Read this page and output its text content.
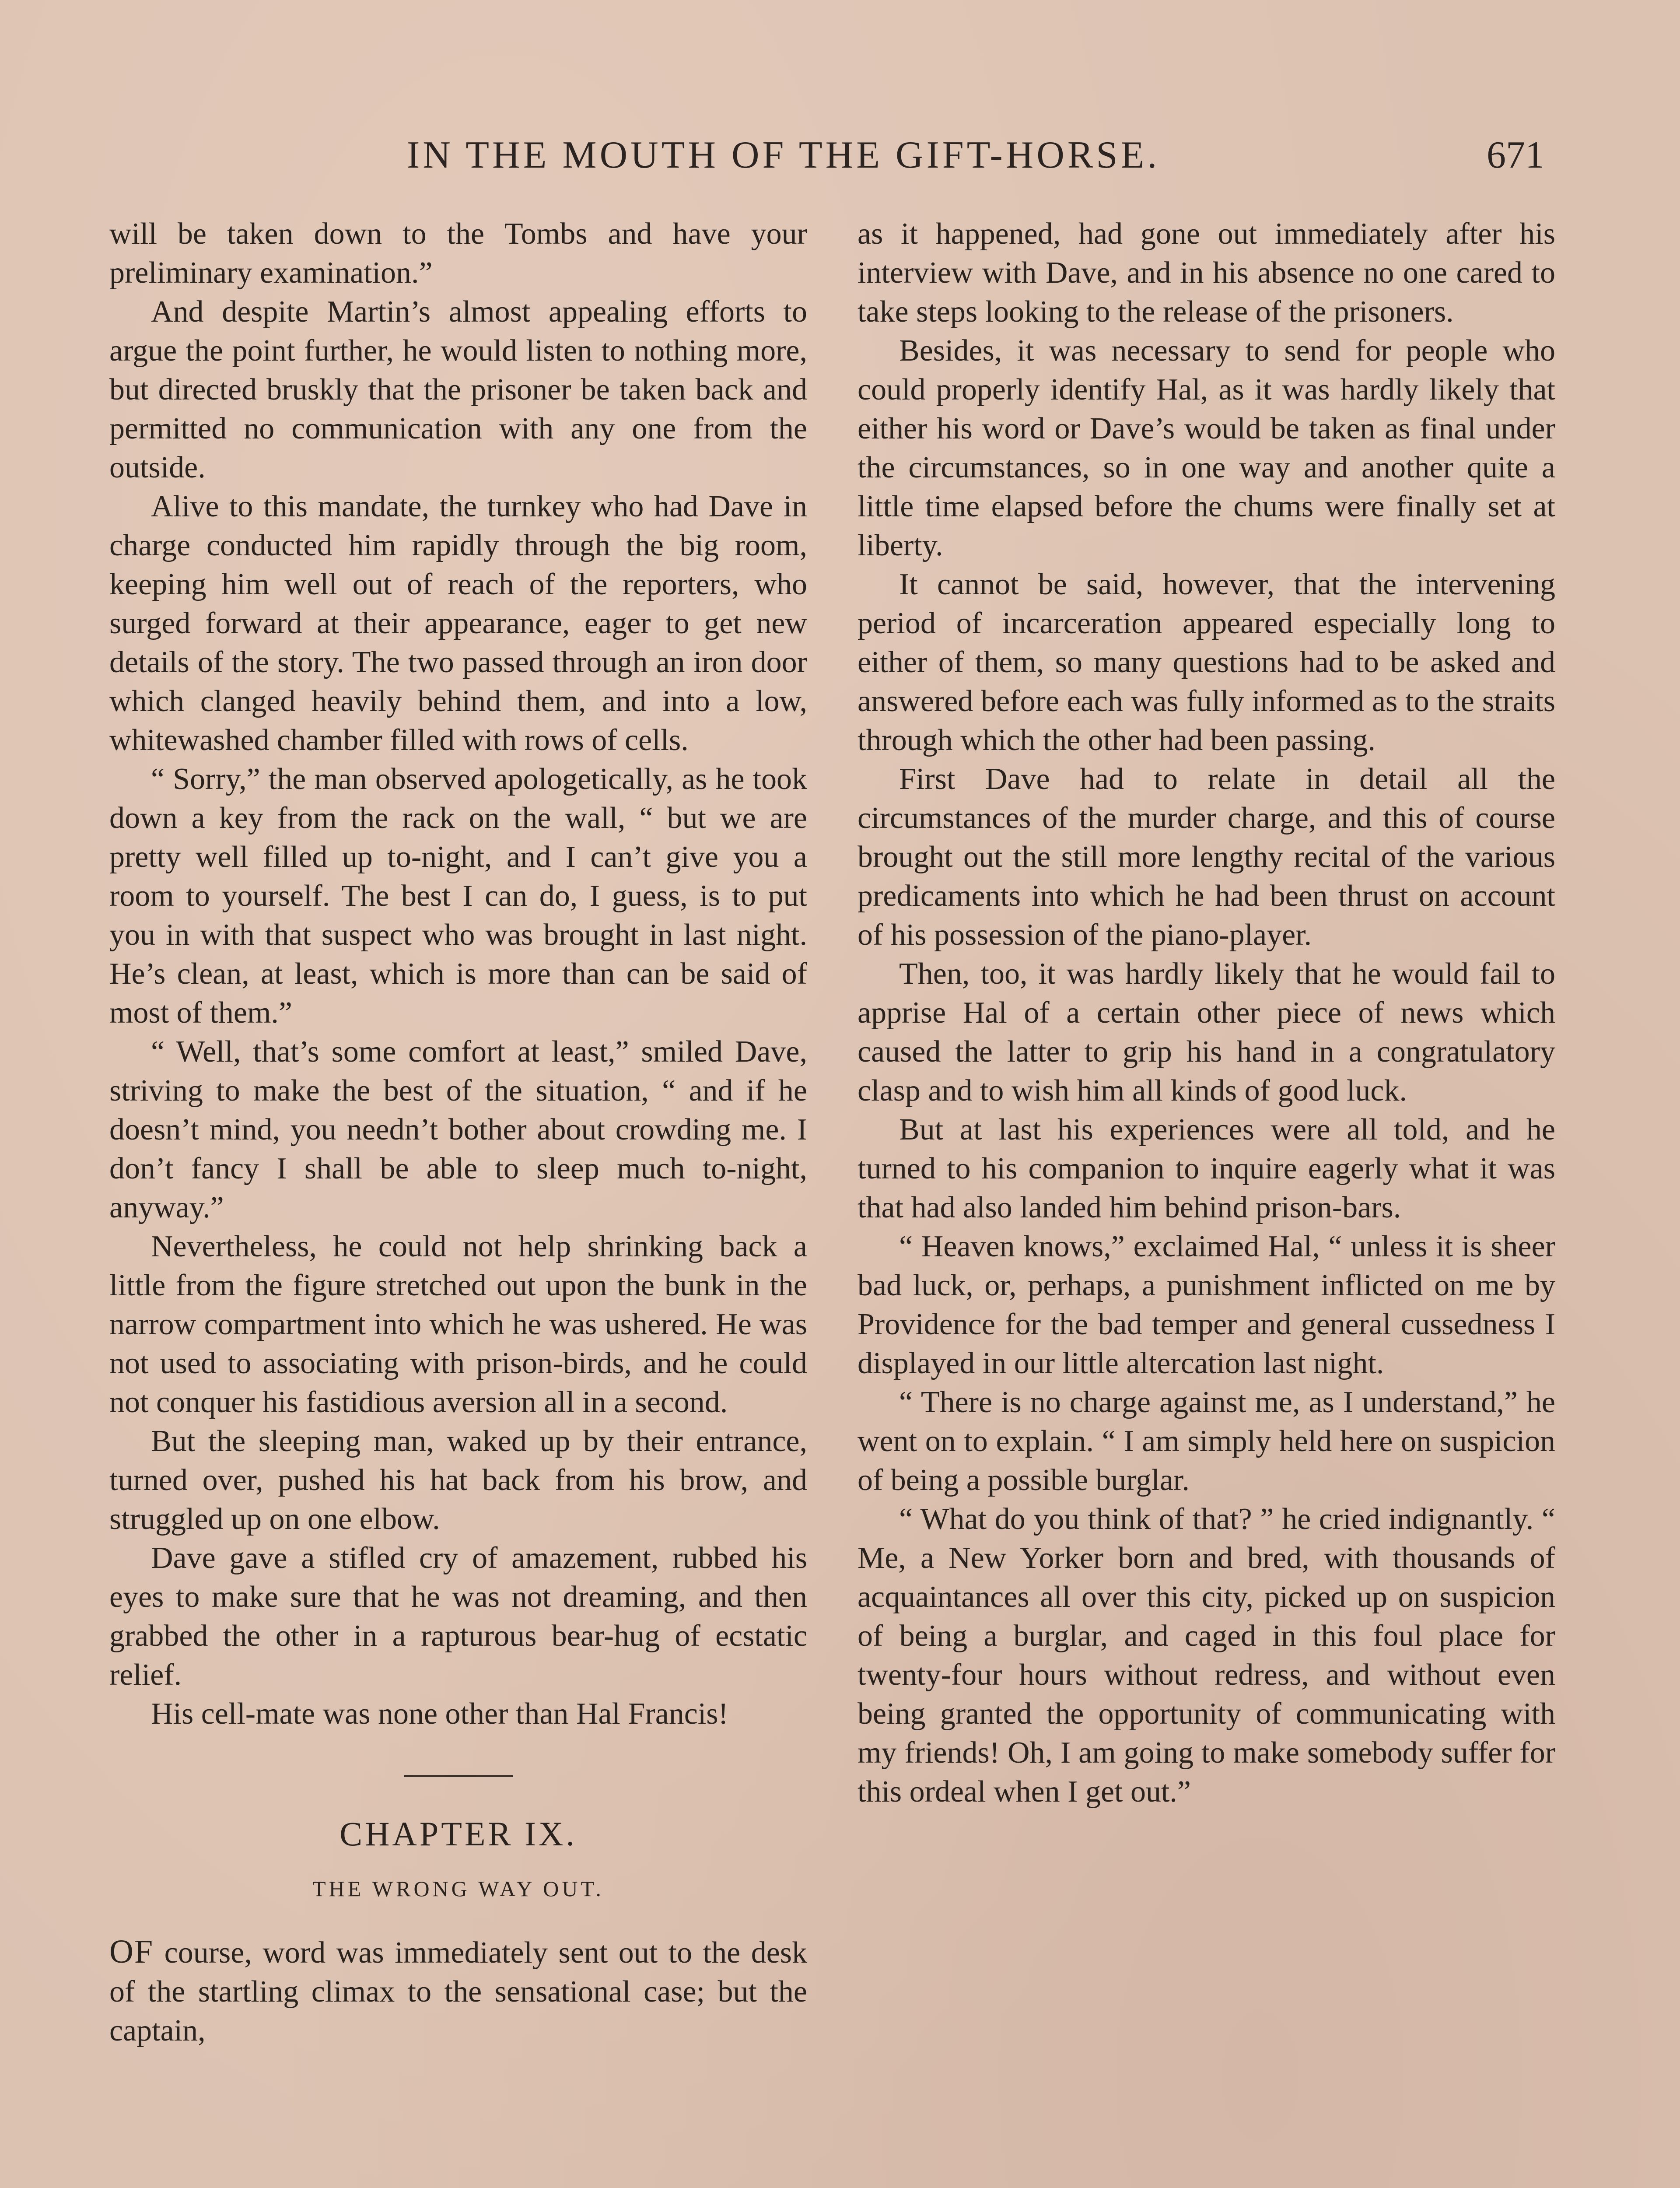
IN THE MOUTH OF THE GIFT-HORSE.	671

will be taken down to the Tombs and have your preliminary examination.”

And despite Martin’s almost appealing efforts to argue the point further, he would listen to nothing more, but directed bruskly that the prisoner be taken back and permitted no communication with any one from the outside.

Alive to this mandate, the turnkey who had Dave in charge conducted him rapidly through the big room, keeping him well out of reach of the reporters, who surged forward at their appearance, eager to get new details of the story. The two passed through an iron door which clanged heavily behind them, and into a low, whitewashed chamber filled with rows of cells.

“ Sorry,” the man observed apologetically, as he took down a key from the rack on the wall, “ but we are pretty well filled up to-night, and I can’t give you a room to yourself. The best I can do, I guess, is to put you in with that suspect who was brought in last night. He’s clean, at least, which is more than can be said of most of them.”

“ Well, that’s some comfort at least,” smiled Dave, striving to make the best of the situation, “ and if he doesn’t mind, you needn’t bother about crowding me. I don’t fancy I shall be able to sleep much to-night, anyway.”

Nevertheless, he could not help shrinking back a little from the figure stretched out upon the bunk in the narrow compartment into which he was ushered. He was not used to associating with prison-birds, and he could not conquer his fastidious aversion all in a second.

But the sleeping man, waked up by their entrance, turned over, pushed his hat back from his brow, and struggled up on one elbow.

Dave gave a stifled cry of amazement, rubbed his eyes to make sure that he was not dreaming, and then grabbed the other in a rapturous bear-hug of ecstatic relief.

His cell-mate was none other than Hal Francis!

CHAPTER IX.
THE WRONG WAY OUT.

OF course, word was immediately sent out to the desk of the startling climax to the sensational case; but the captain,

as it happened, had gone out immediately after his interview with Dave, and in his absence no one cared to take steps looking to the release of the prisoners.

Besides, it was necessary to send for people who could properly identify Hal, as it was hardly likely that either his word or Dave’s would be taken as final under the circumstances, so in one way and another quite a little time elapsed before the chums were finally set at liberty.

It cannot be said, however, that the intervening period of incarceration appeared especially long to either of them, so many questions had to be asked and answered before each was fully informed as to the straits through which the other had been passing.

First Dave had to relate in detail all the circumstances of the murder charge, and this of course brought out the still more lengthy recital of the various predicaments into which he had been thrust on account of his possession of the piano-player.

Then, too, it was hardly likely that he would fail to apprise Hal of a certain other piece of news which caused the latter to grip his hand in a congratulatory clasp and to wish him all kinds of good luck.

But at last his experiences were all told, and he turned to his companion to inquire eagerly what it was that had also landed him behind prison-bars.

“ Heaven knows,” exclaimed Hal, “ unless it is sheer bad luck, or, perhaps, a punishment inflicted on me by Providence for the bad temper and general cussedness I displayed in our little altercation last night.

“ There is no charge against me, as I understand,” he went on to explain. “ I am simply held here on suspicion of being a possible burglar.

“ What do you think of that? ” he cried indignantly. “ Me, a New Yorker born and bred, with thousands of acquaintances all over this city, picked up on suspicion of being a burglar, and caged in this foul place for twenty-four hours without redress, and without even being granted the opportunity of communicating with my friends! Oh, I am going to make somebody suffer for this ordeal when I get out.”
